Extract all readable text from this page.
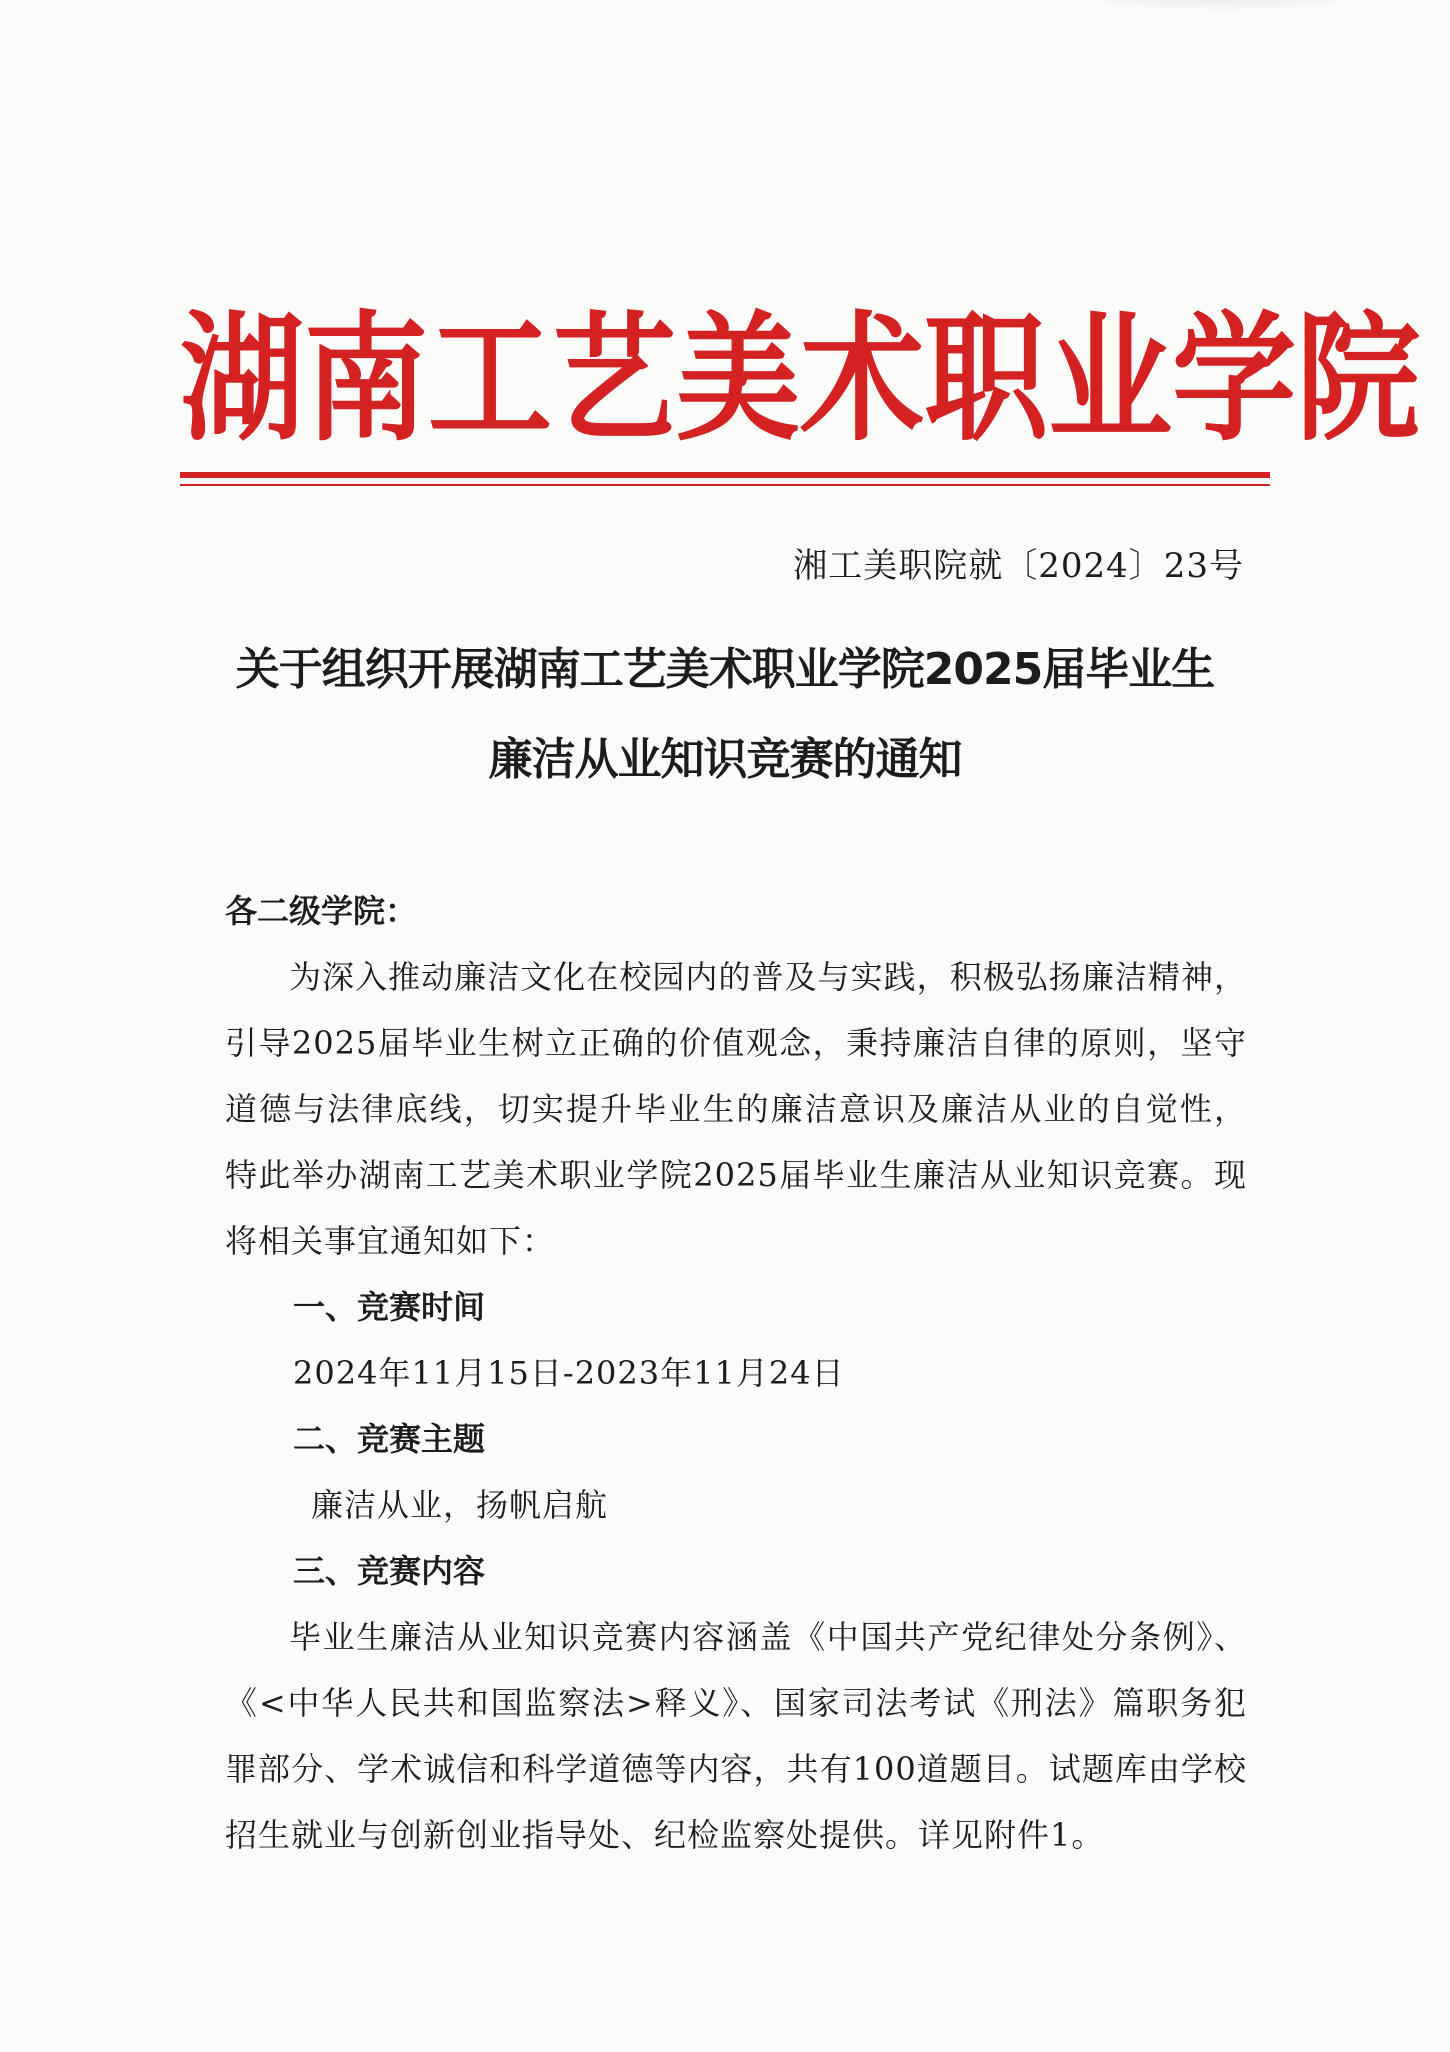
湖 南 工 艺 美 术 职 业 学 院
湘工美职院就〔2024〕23号
关于组织开展湖南工艺美术职业学院2025届毕业生
廉洁从业知识竞赛的通知

各二级学院：

为深入推动廉洁文化在校园内的普及与实践，积极弘扬廉洁精神，引导2025届毕业生树立正确的价值观念，秉持廉洁自律的原则，坚守道德与法律底线，切实提升毕业生的廉洁意识及廉洁从业的自觉性，特此举办湖南工艺美术职业学院2025届毕业生廉洁从业知识竞赛。现将相关事宜通知如下：

一、竞赛时间

2024年11月15日-2023年11月24日

二、竞赛主题

廉洁从业，扬帆启航

三、竞赛内容

毕业生廉洁从业知识竞赛内容涵盖《中国共产党纪律处分条例》、《<中华人民共和国监察法>释义》、国家司法考试《刑法》篇职务犯罪部分、学术诚信和科学道德等内容，共有100道题目。试题库由学校招生就业与创新创业指导处、纪检监察处提供。详见附件1。
